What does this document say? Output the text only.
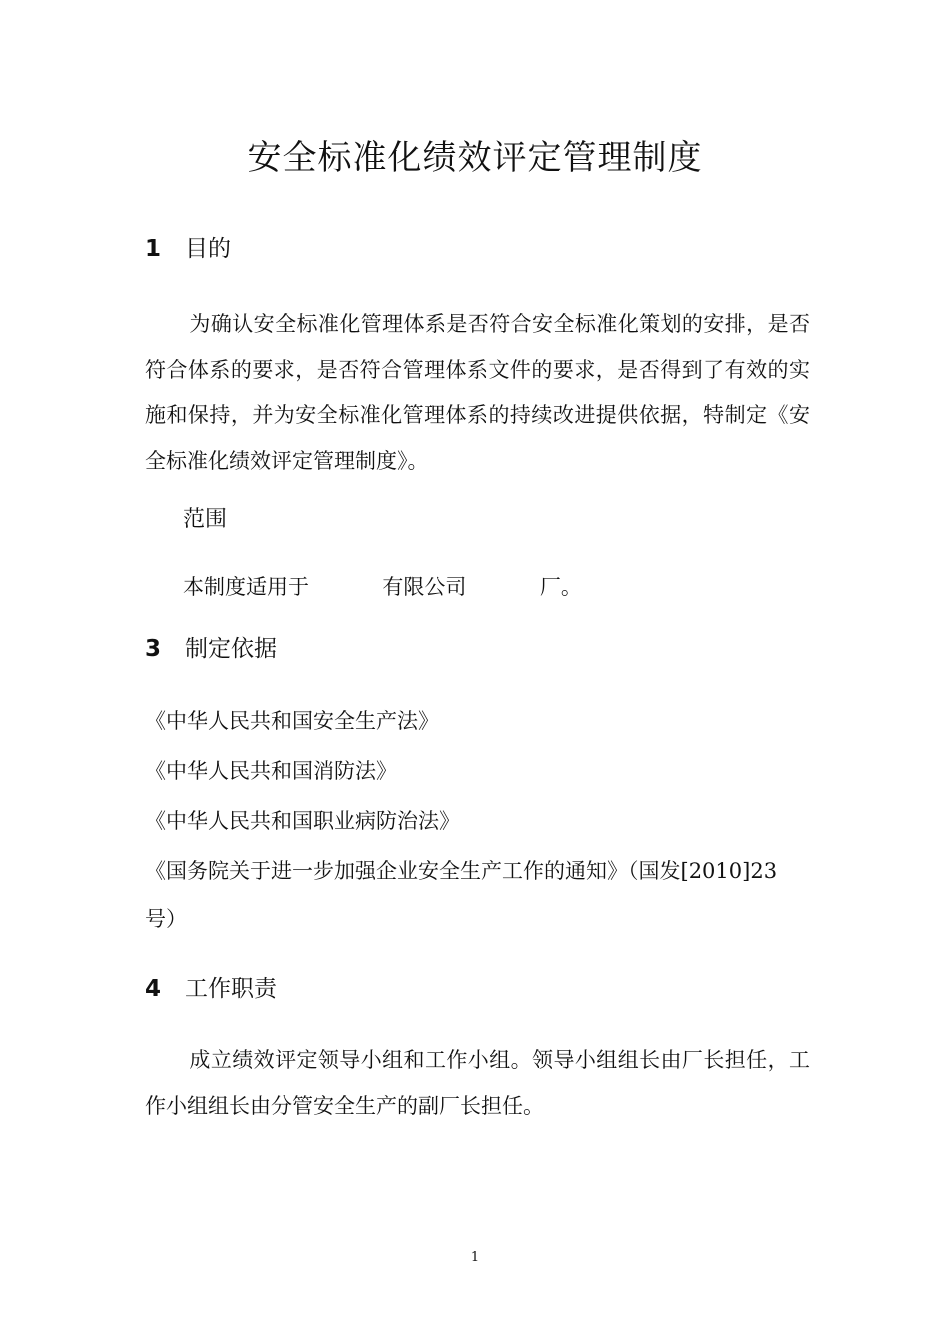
安全标准化绩效评定管理制度
1 目的
为确认安全标准化管理体系是否符合安全标准化策划的安排，是否符合体系的要求，是否符合管理体系文件的要求，是否得到了有效的实施和保持，并为安全标准化管理体系的持续改进提供依据，特制定《安全标准化绩效评定管理制度》。
范围
本制度适用于           有限公司           厂。
3 制定依据
《中华人民共和国安全生产法》
《中华人民共和国消防法》
《中华人民共和国职业病防治法》
《国务院关于进一步加强企业安全生产工作的通知》（国发[2010]23
号）
4 工作职责
成立绩效评定领导小组和工作小组。领导小组组长由厂长担任，工作小组组长由分管安全生产的副厂长担任。
1
